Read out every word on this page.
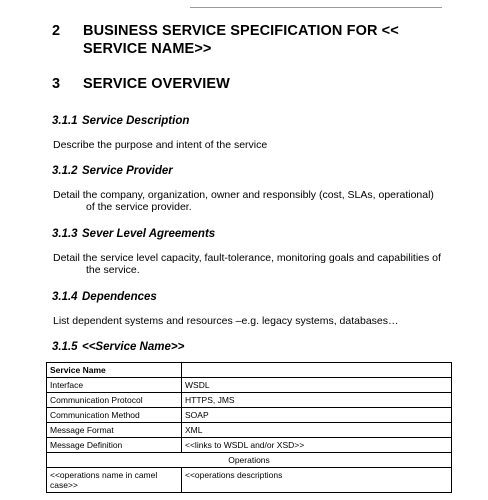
2 BUSINESS SERVICE SPECIFICATION FOR << SERVICE NAME>>
3 SERVICE OVERVIEW
3.1.1 Service Description
Describe the purpose and intent of the service
3.1.2 Service Provider
Detail the company, organization, owner and responsibly (cost, SLAs, operational)
of the service provider.
3.1.3 Sever Level Agreements
Detail the service level capacity, fault-tolerance, monitoring goals and capabilities of
the service.
3.1.4 Dependences
List dependent systems and resources –e.g. legacy systems, databases…
3.1.5 <<Service Name>>
Service Name	
Interface	WSDL
Communication Protocol	HTTPS, JMS
Communication Method	SOAP
Message Format	XML
Message Definition	<<links to WSDL and/or XSD>>
Operations	
<<operations name in camel case>>	<<operations descriptions
